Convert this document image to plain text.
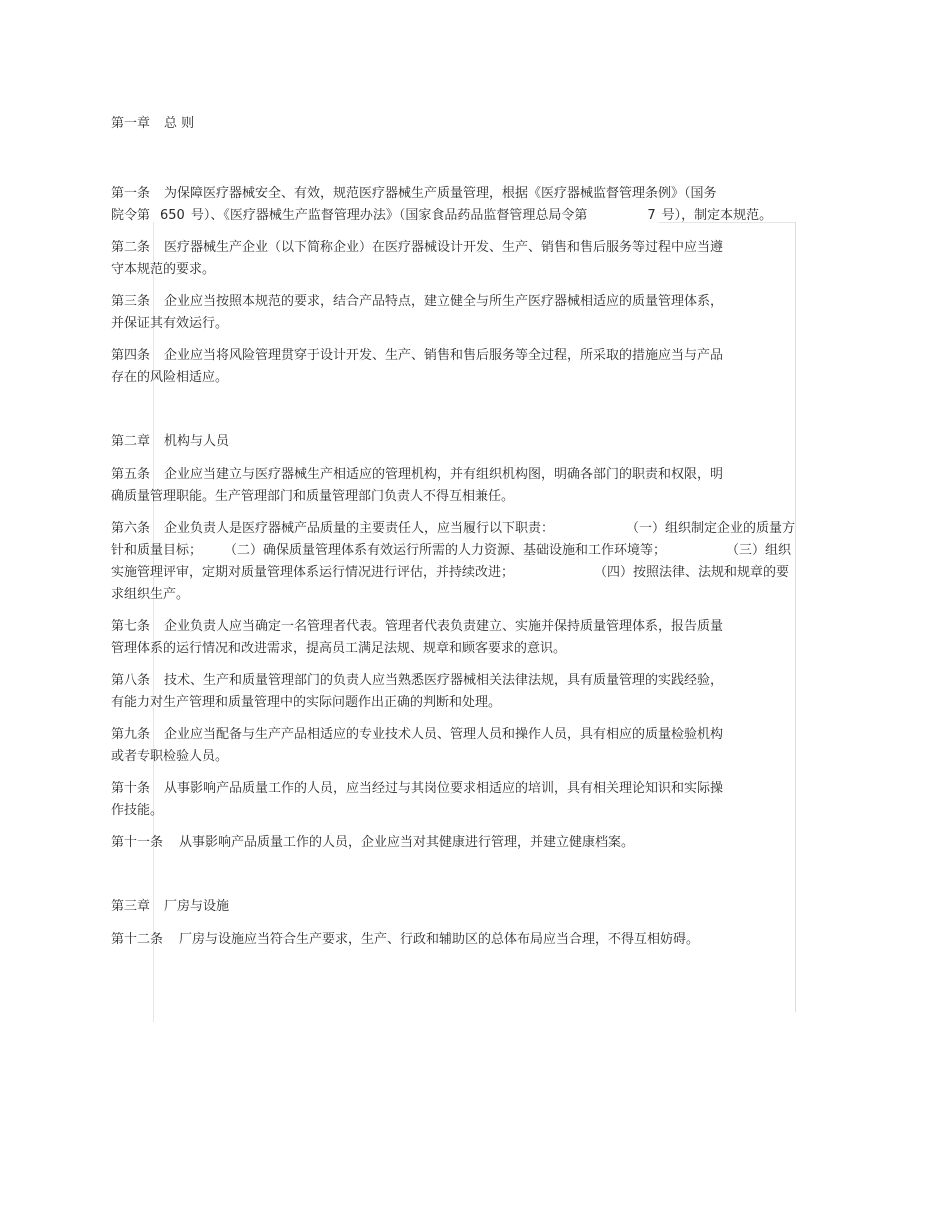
第一章 总 则
第一条 为保障医疗器械安全、有效，规范医疗器械生产质量管理，根据《医疗器械监督管理条例》（国务
院令第 650 号）、《医疗器械生产监督管理办法》（国家食品药品监督管理总局令第	7 号），制定本规范。
第二条 医疗器械生产企业（以下简称企业）在医疗器械设计开发、生产、销售和售后服务等过程中应当遵
守本规范的要求。
第三条 企业应当按照本规范的要求，结合产品特点，建立健全与所生产医疗器械相适应的质量管理体系，
并保证其有效运行。
第四条 企业应当将风险管理贯穿于设计开发、生产、销售和售后服务等全过程，所采取的措施应当与产品
存在的风险相适应。
第二章 机构与人员
第五条 企业应当建立与医疗器械生产相适应的管理机构，并有组织机构图，明确各部门的职责和权限，明
确质量管理职能。生产管理部门和质量管理部门负责人不得互相兼任。
第六条 企业负责人是医疗器械产品质量的主要责任人，应当履行以下职责：	（一）组织制定企业的质量方
针和质量目标； （二）确保质量管理体系有效运行所需的人力资源、基础设施和工作环境等；	（三）组织
实施管理评审，定期对质量管理体系运行情况进行评估，并持续改进；	（四）按照法律、法规和规章的要
求组织生产。
第七条 企业负责人应当确定一名管理者代表。管理者代表负责建立、实施并保持质量管理体系，报告质量
管理体系的运行情况和改进需求，提高员工满足法规、规章和顾客要求的意识。
第八条 技术、生产和质量管理部门的负责人应当熟悉医疗器械相关法律法规，具有质量管理的实践经验，
有能力对生产管理和质量管理中的实际问题作出正确的判断和处理。
第九条 企业应当配备与生产产品相适应的专业技术人员、管理人员和操作人员，具有相应的质量检验机构
或者专职检验人员。
第十条 从事影响产品质量工作的人员，应当经过与其岗位要求相适应的培训，具有相关理论知识和实际操
作技能。
第十一条 从事影响产品质量工作的人员，企业应当对其健康进行管理，并建立健康档案。
第三章 厂房与设施
第十二条 厂房与设施应当符合生产要求，生产、行政和辅助区的总体布局应当合理，不得互相妨碍。
